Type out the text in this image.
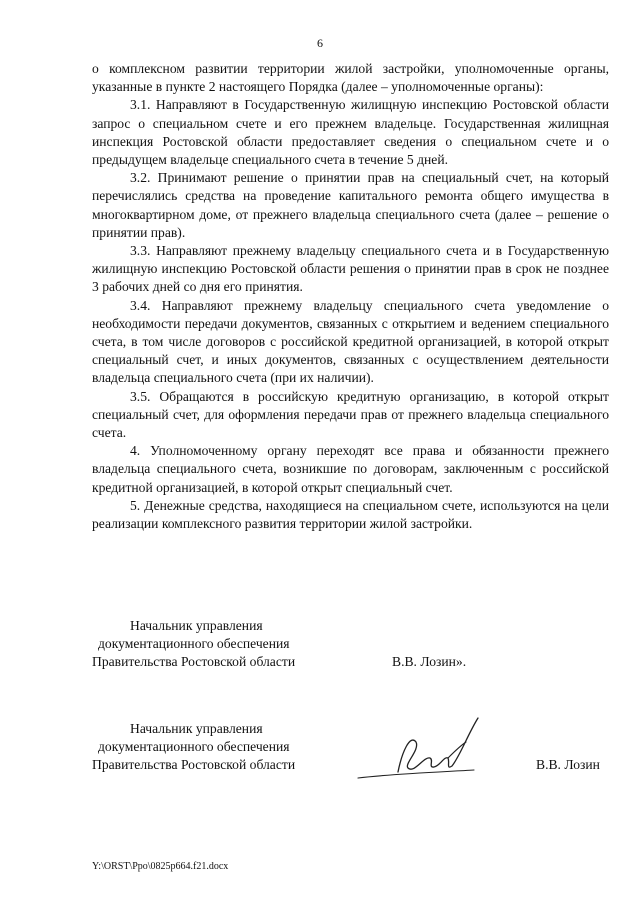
6

о комплексном развитии территории жилой застройки, уполномоченные органы, указанные в пункте 2 настоящего Порядка (далее – уполномоченные органы):

3.1. Направляют в Государственную жилищную инспекцию Ростовской области запрос о специальном счете и его прежнем владельце. Государственная жилищная инспекция Ростовской области предоставляет сведения о специальном счете и о предыдущем владельце специального счета в течение 5 дней.

3.2. Принимают решение о принятии прав на специальный счет, на который перечислялись средства на проведение капитального ремонта общего имущества в многоквартирном доме, от прежнего владельца специального счета (далее – решение о принятии прав).

3.3. Направляют прежнему владельцу специального счета и в Государственную жилищную инспекцию Ростовской области решения о принятии прав в срок не позднее 3 рабочих дней со дня его принятия.

3.4. Направляют прежнему владельцу специального счета уведомление о необходимости передачи документов, связанных с открытием и ведением специального счета, в том числе договоров с российской кредитной организацией, в которой открыт специальный счет, и иных документов, связанных с осуществлением деятельности владельца специального счета (при их наличии).

3.5. Обращаются в российскую кредитную организацию, в которой открыт специальный счет, для оформления передачи прав от прежнего владельца специального счета.

4. Уполномоченному органу переходят все права и обязанности прежнего владельца специального счета, возникшие по договорам, заключенным с российской кредитной организацией, в которой открыт специальный счет.

5. Денежные средства, находящиеся на специальном счете, используются на цели реализации комплексного развития территории жилой застройки.

Начальник управления
документационного обеспечения
Правительства Ростовской области	В.В. Лозин».
Начальник управления
документационного обеспечения
Правительства Ростовской области	В.В. Лозин
Y:\ORST\Ppo\0825p664.f21.docx
